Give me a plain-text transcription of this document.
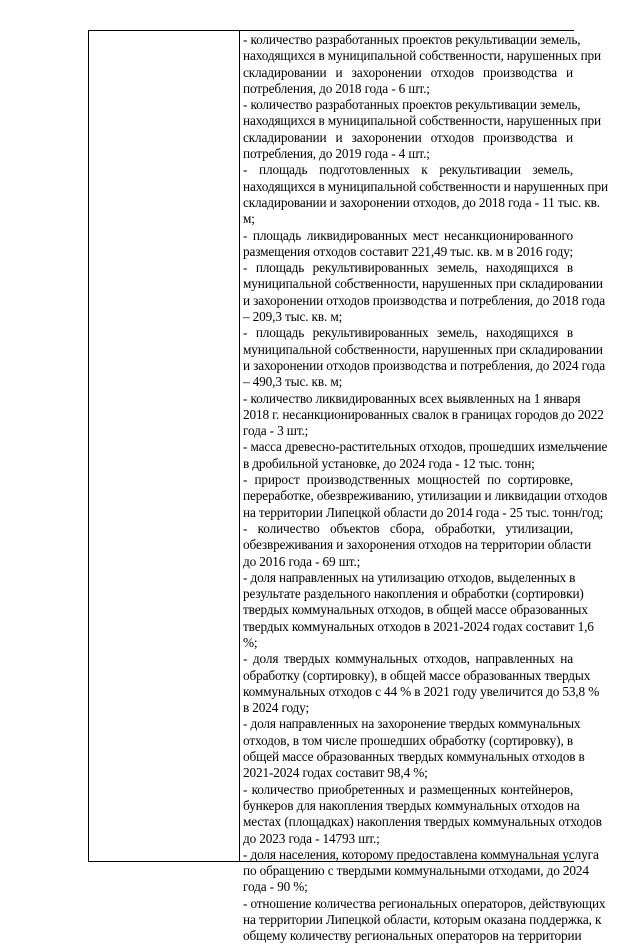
- количество разработанных проектов рекультивации земель,
находящихся в муниципальной собственности, нарушенных при
складировании и захоронении отходов производства и
потребления, до 2018 года - 6 шт.;
- количество разработанных проектов рекультивации земель,
находящихся в муниципальной собственности, нарушенных при
складировании и захоронении отходов производства и
потребления, до 2019 года - 4 шт.;
- площадь подготовленных к рекультивации земель,
находящихся в муниципальной собственности и нарушенных при
складировании и захоронении отходов, до 2018 года - 11 тыс. кв.
м;
- площадь ликвидированных мест несанкционированного
размещения отходов составит 221,49 тыс. кв. м в 2016 году;
- площадь рекультивированных земель, находящихся в
муниципальной собственности, нарушенных при складировании
и захоронении отходов производства и потребления, до 2018 года
– 209,3 тыс. кв. м;
- площадь рекультивированных земель, находящихся в
муниципальной собственности, нарушенных при складировании
и захоронении отходов производства и потребления, до 2024 года
– 490,3 тыс. кв. м;
- количество ликвидированных всех выявленных на 1 января
2018 г. несанкционированных свалок в границах городов до 2022
года - 3 шт.;
- масса древесно-растительных отходов, прошедших измельчение
в дробильной установке, до 2024 года - 12 тыс. тонн;
- прирост производственных мощностей по сортировке,
переработке, обезвреживанию, утилизации и ликвидации отходов
на территории Липецкой области до 2014 года - 25 тыс. тонн/год;
- количество объектов сбора, обработки, утилизации,
обезвреживания и захоронения отходов на территории области
до 2016 года - 69 шт.;
- доля направленных на утилизацию отходов, выделенных в
результате раздельного накопления и обработки (сортировки)
твердых коммунальных отходов, в общей массе образованных
твердых коммунальных отходов в 2021-2024 годах составит 1,6
%;
- доля твердых коммунальных отходов, направленных на
обработку (сортировку), в общей массе образованных твердых
коммунальных отходов с 44 % в 2021 году увеличится до 53,8 %
в 2024 году;
- доля направленных на захоронение твердых коммунальных
отходов, в том числе прошедших обработку (сортировку), в
общей массе образованных твердых коммунальных отходов в
2021-2024 годах составит 98,4 %;
- количество приобретенных и размещенных контейнеров,
бункеров для накопления твердых коммунальных отходов на
местах (площадках) накопления твердых коммунальных отходов
до 2023 года - 14793 шт.;
- доля населения, которому предоставлена коммунальная услуга
по обращению с твердыми коммунальными отходами, до 2024
года - 90 %;
- отношение количества региональных операторов, действующих
на территории Липецкой области, которым оказана поддержка, к
общему количеству региональных операторов на территории
